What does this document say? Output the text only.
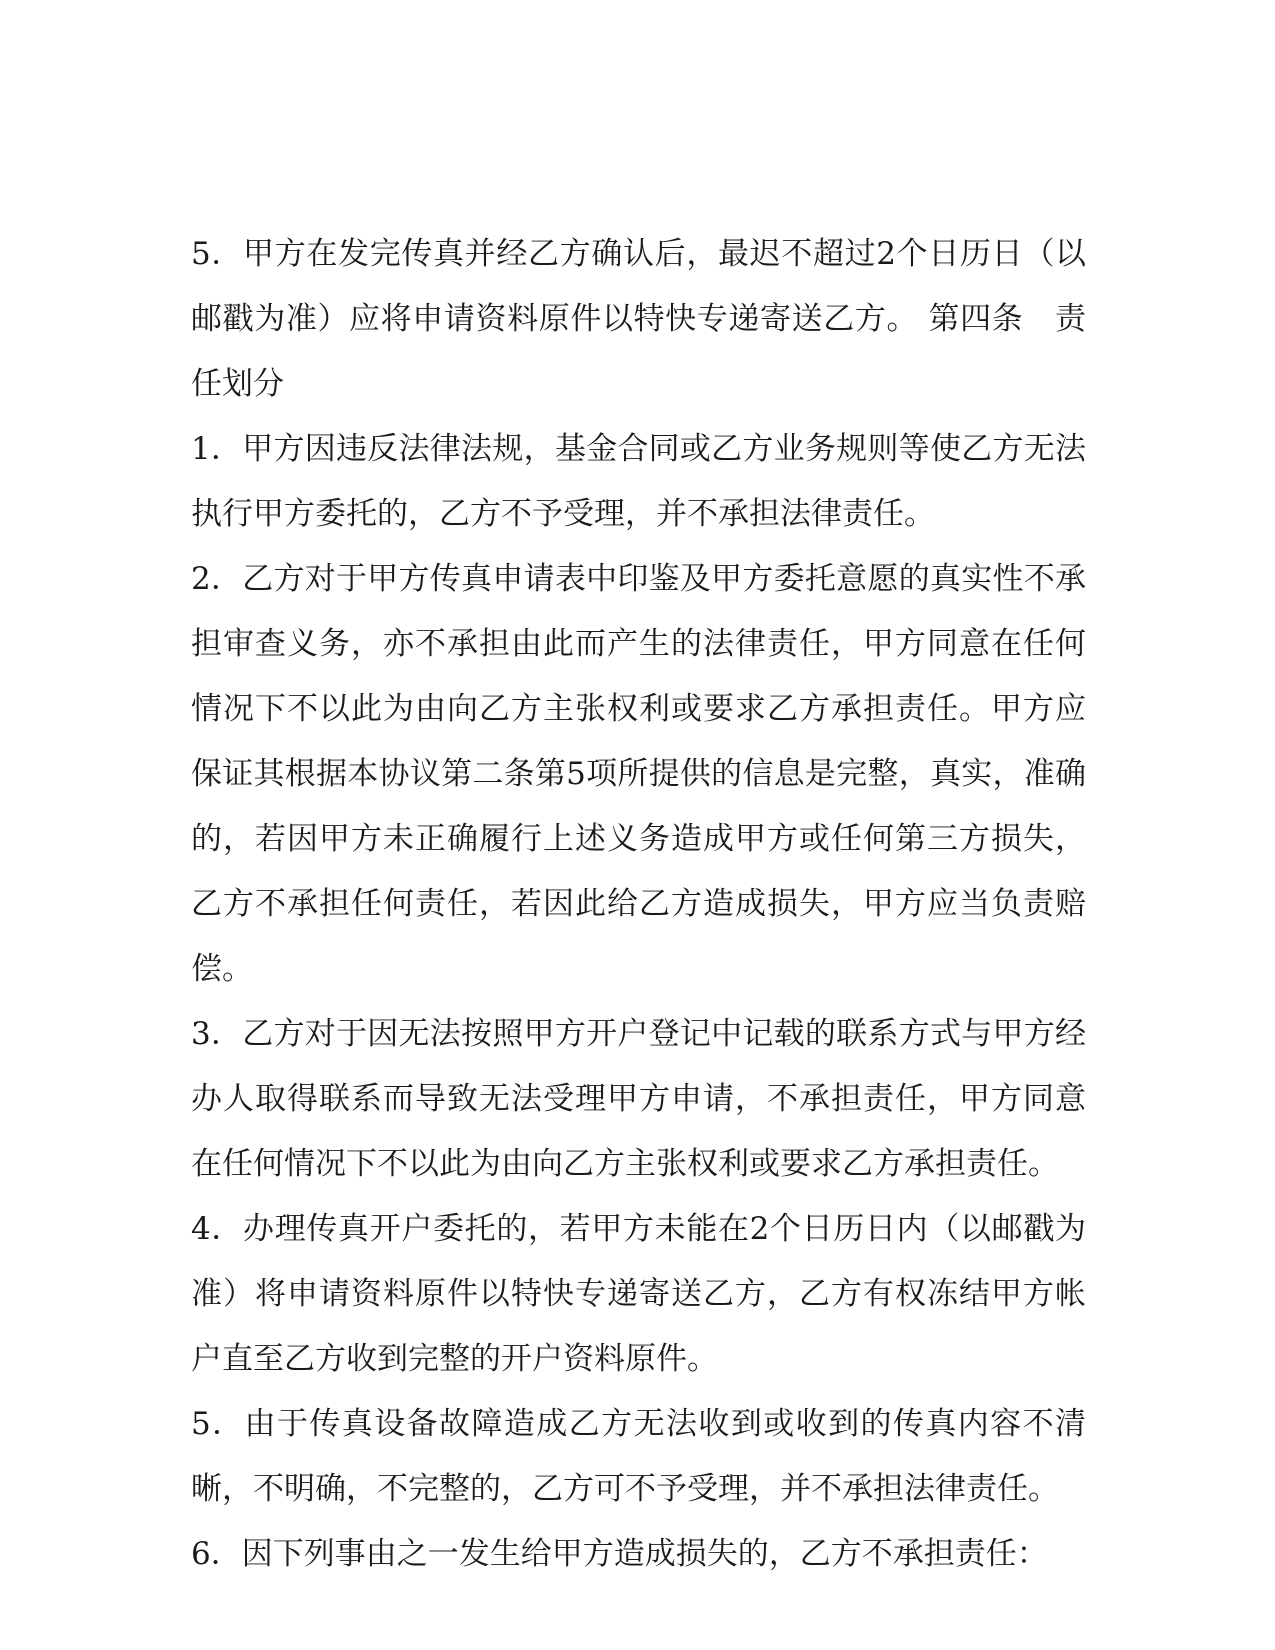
5．甲方在发完传真并经乙方确认后，最迟不超过2个日历日（以邮戳为准）应将申请资料原件以特快专递寄送乙方。 第四条　责任划分

1．甲方因违反法律法规，基金合同或乙方业务规则等使乙方无法执行甲方委托的，乙方不予受理，并不承担法律责任。

2．乙方对于甲方传真申请表中印鉴及甲方委托意愿的真实性不承担审查义务，亦不承担由此而产生的法律责任，甲方同意在任何情况下不以此为由向乙方主张权利或要求乙方承担责任。甲方应保证其根据本协议第二条第5项所提供的信息是完整，真实，准确的，若因甲方未正确履行上述义务造成甲方或任何第三方损失，乙方不承担任何责任，若因此给乙方造成损失，甲方应当负责赔偿。

3．乙方对于因无法按照甲方开户登记中记载的联系方式与甲方经办人取得联系而导致无法受理甲方申请，不承担责任，甲方同意在任何情况下不以此为由向乙方主张权利或要求乙方承担责任。

4．办理传真开户委托的，若甲方未能在2个日历日内（以邮戳为准）将申请资料原件以特快专递寄送乙方，乙方有权冻结甲方帐户直至乙方收到完整的开户资料原件。

5．由于传真设备故障造成乙方无法收到或收到的传真内容不清晰，不明确，不完整的，乙方可不予受理，并不承担法律责任。

6．因下列事由之一发生给甲方造成损失的，乙方不承担责任：
